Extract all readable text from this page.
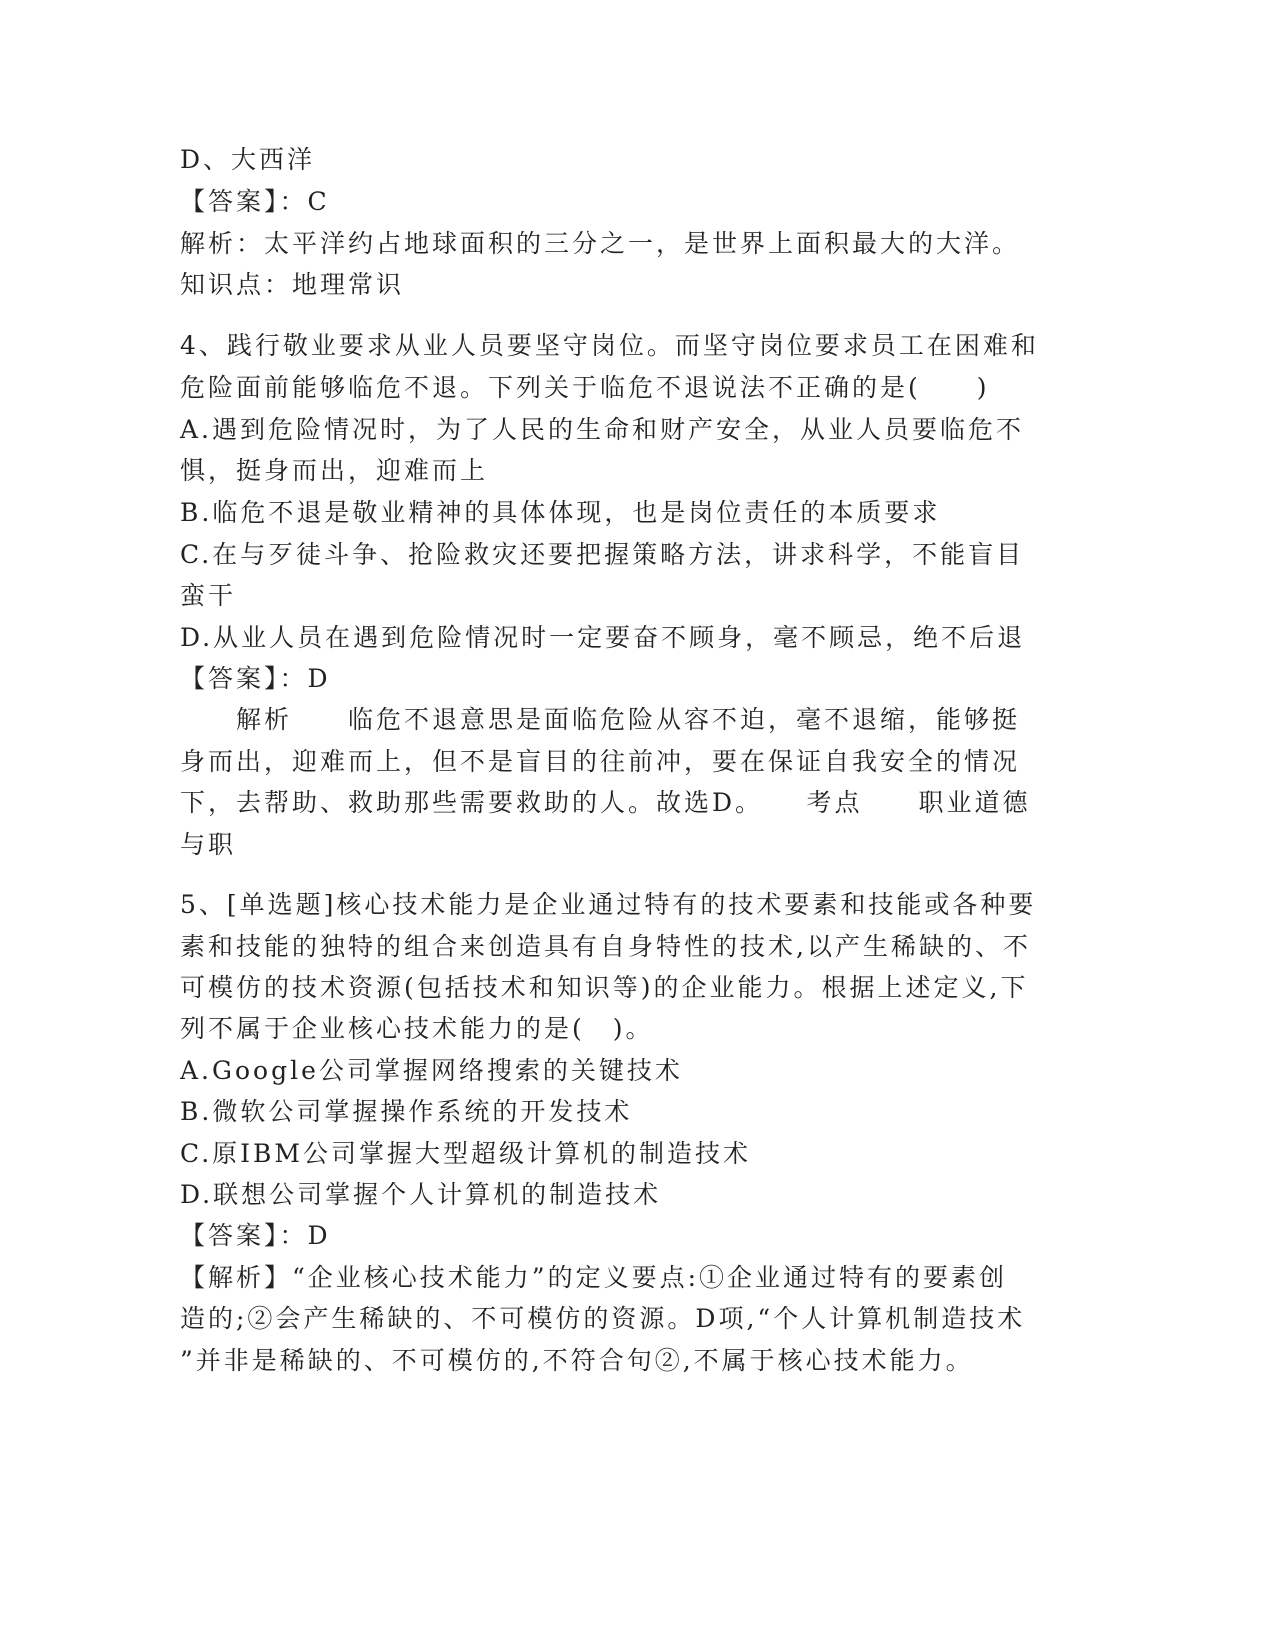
D、大西洋
【答案】：C
解析：太平洋约占地球面积的三分之一，是世界上面积最大的大洋。
知识点：地理常识
4、践行敬业要求从业人员要坚守岗位。而坚守岗位要求员工在困难和
危险面前能够临危不退。下列关于临危不退说法不正确的是(　　)
A.遇到危险情况时，为了人民的生命和财产安全，从业人员要临危不
惧，挺身而出，迎难而上
B.临危不退是敬业精神的具体体现，也是岗位责任的本质要求
C.在与歹徒斗争、抢险救灾还要把握策略方法，讲求科学，不能盲目
蛮干
D.从业人员在遇到危险情况时一定要奋不顾身，毫不顾忌，绝不后退
【答案】：D
　　解析　　临危不退意思是面临危险从容不迫，毫不退缩，能够挺
身而出，迎难而上，但不是盲目的往前冲，要在保证自我安全的情况
下，去帮助、救助那些需要救助的人。故选D。　　考点　　职业道德
与职
5、[单选题]核心技术能力是企业通过特有的技术要素和技能或各种要
素和技能的独特的组合来创造具有自身特性的技术,以产生稀缺的、不
可模仿的技术资源(包括技术和知识等)的企业能力。根据上述定义,下
列不属于企业核心技术能力的是(　)。
A.Google公司掌握网络搜索的关键技术
B.微软公司掌握操作系统的开发技术
C.原IBM公司掌握大型超级计算机的制造技术
D.联想公司掌握个人计算机的制造技术
【答案】：D
【解析】“企业核心技术能力”的定义要点:①企业通过特有的要素创
造的;②会产生稀缺的、不可模仿的资源。D项,“个人计算机制造技术
”并非是稀缺的、不可模仿的,不符合句②,不属于核心技术能力。
